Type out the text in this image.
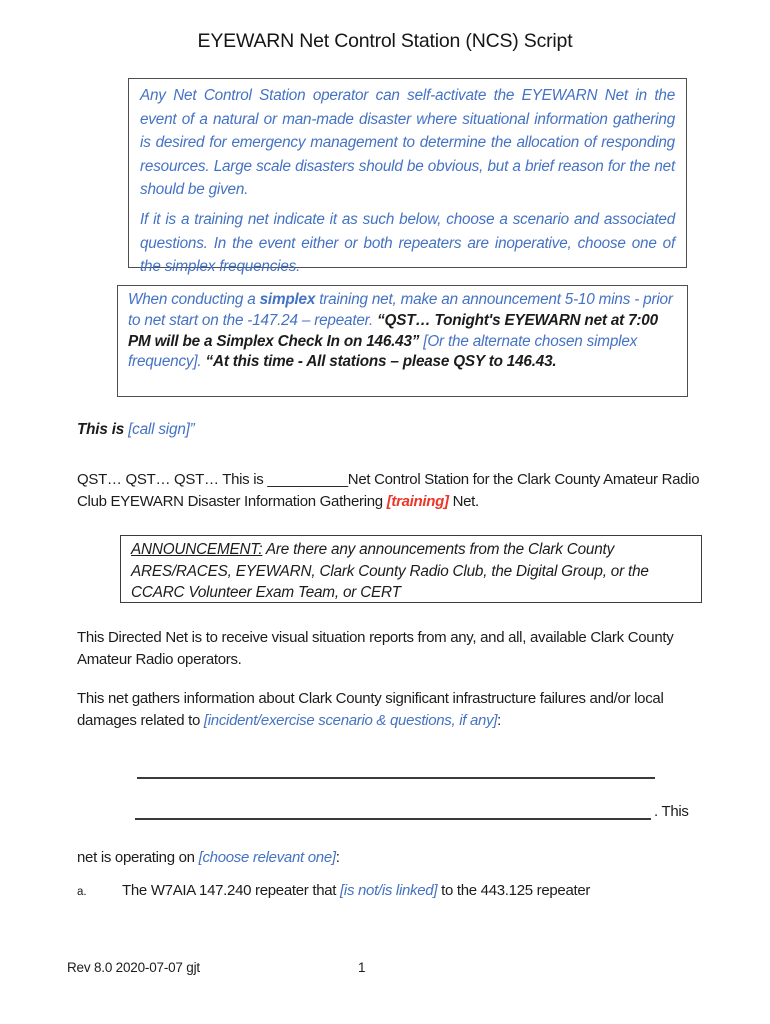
EYEWARN Net Control Station (NCS) Script

Any Net Control Station operator can self-activate the EYEWARN Net in the event of a natural or man-made disaster where situational information gathering is desired for emergency management to determine the allocation of responding resources. Large scale disasters should be obvious, but a brief reason for the net should be given.

If it is a training net indicate it as such below, choose a scenario and associated questions. In the event either or both repeaters are inoperative, choose one of the simplex frequencies.

When conducting a simplex training net, make an announcement 5-10 mins - prior to net start on the -147.24 – repeater. “QST… Tonight's EYEWARN net at 7:00 PM will be a Simplex Check In on 146.43” [Or the alternate chosen simplex frequency]. “At this time - All stations – please QSY to 146.43.
This is [call sign]”
QST… QST… QST… This is __________Net Control Station for the Clark County Amateur Radio Club EYEWARN Disaster Information Gathering [training] Net.
ANNOUNCEMENT: Are there any announcements from the Clark County ARES/RACES, EYEWARN, Clark County Radio Club, the Digital Group, or the CCARC Volunteer Exam Team, or CERT
This Directed Net is to receive visual situation reports from any, and all, available Clark County Amateur Radio operators.
This net gathers information about Clark County significant infrastructure failures and/or local damages related to [incident/exercise scenario & questions, if any]:
. This
net is operating on [choose relevant one]:
a.	The W7AIA 147.240 repeater that [is not/is linked] to the 443.125 repeater
Rev 8.0 2020-07-07 gjt	1
